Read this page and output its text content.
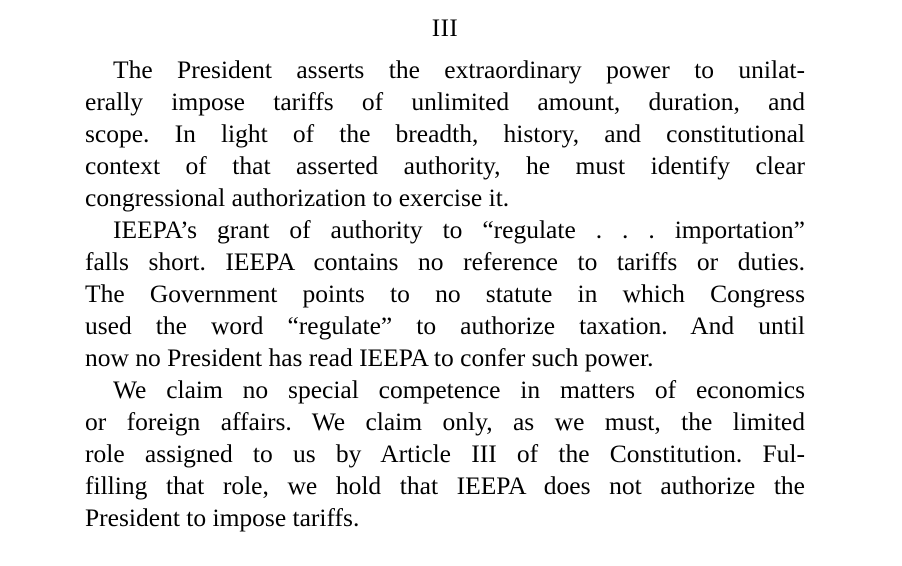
III
The President asserts the extraordinary power to unilat-
erally impose tariffs of unlimited amount, duration, and
scope. In light of the breadth, history, and constitutional
context of that asserted authority, he must identify clear
congressional authorization to exercise it.
IEEPA’s grant of authority to “regulate . . . importation”
falls short. IEEPA contains no reference to tariffs or duties.
The Government points to no statute in which Congress
used the word “regulate” to authorize taxation. And until
now no President has read IEEPA to confer such power.
We claim no special competence in matters of economics
or foreign affairs. We claim only, as we must, the limited
role assigned to us by Article III of the Constitution. Ful-
filling that role, we hold that IEEPA does not authorize the
President to impose tariffs.
